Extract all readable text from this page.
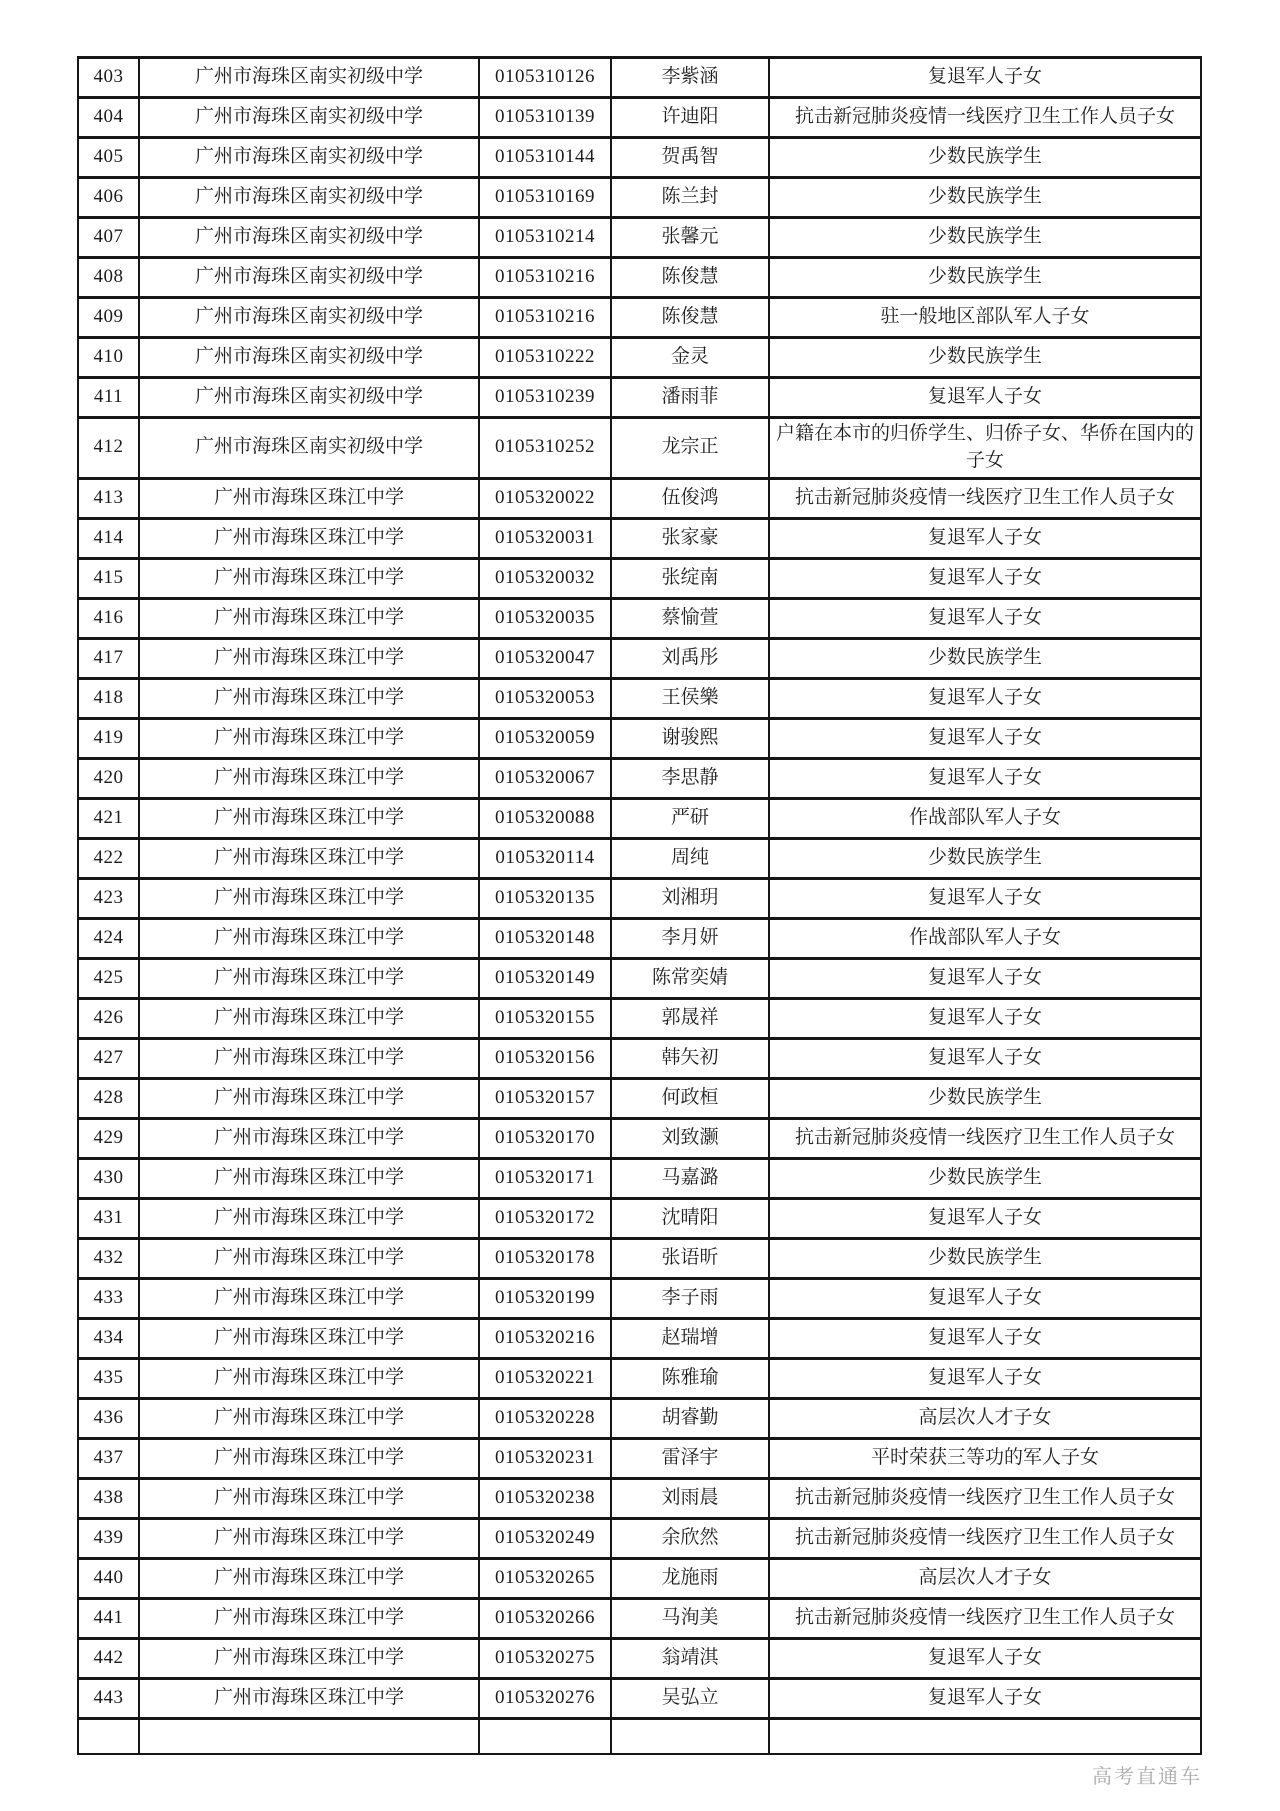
403	广州市海珠区南实初级中学	0105310126	李紫涵	复退军人子女
404	广州市海珠区南实初级中学	0105310139	许迪阳	抗击新冠肺炎疫情一线医疗卫生工作人员子女
405	广州市海珠区南实初级中学	0105310144	贺禹智	少数民族学生
406	广州市海珠区南实初级中学	0105310169	陈兰封	少数民族学生
407	广州市海珠区南实初级中学	0105310214	张馨元	少数民族学生
408	广州市海珠区南实初级中学	0105310216	陈俊慧	少数民族学生
409	广州市海珠区南实初级中学	0105310216	陈俊慧	驻一般地区部队军人子女
410	广州市海珠区南实初级中学	0105310222	金灵	少数民族学生
411	广州市海珠区南实初级中学	0105310239	潘雨菲	复退军人子女
412	广州市海珠区南实初级中学	0105310252	龙宗正	户籍在本市的归侨学生、归侨子女、华侨在国内的子女
413	广州市海珠区珠江中学	0105320022	伍俊鸿	抗击新冠肺炎疫情一线医疗卫生工作人员子女
414	广州市海珠区珠江中学	0105320031	张家豪	复退军人子女
415	广州市海珠区珠江中学	0105320032	张绽南	复退军人子女
416	广州市海珠区珠江中学	0105320035	蔡愉萱	复退军人子女
417	广州市海珠区珠江中学	0105320047	刘禹彤	少数民族学生
418	广州市海珠区珠江中学	0105320053	王侯樂	复退军人子女
419	广州市海珠区珠江中学	0105320059	谢骏熙	复退军人子女
420	广州市海珠区珠江中学	0105320067	李思静	复退军人子女
421	广州市海珠区珠江中学	0105320088	严研	作战部队军人子女
422	广州市海珠区珠江中学	0105320114	周纯	少数民族学生
423	广州市海珠区珠江中学	0105320135	刘湘玥	复退军人子女
424	广州市海珠区珠江中学	0105320148	李月妍	作战部队军人子女
425	广州市海珠区珠江中学	0105320149	陈常奕婧	复退军人子女
426	广州市海珠区珠江中学	0105320155	郭晟祥	复退军人子女
427	广州市海珠区珠江中学	0105320156	韩矢初	复退军人子女
428	广州市海珠区珠江中学	0105320157	何政桓	少数民族学生
429	广州市海珠区珠江中学	0105320170	刘致灏	抗击新冠肺炎疫情一线医疗卫生工作人员子女
430	广州市海珠区珠江中学	0105320171	马嘉潞	少数民族学生
431	广州市海珠区珠江中学	0105320172	沈晴阳	复退军人子女
432	广州市海珠区珠江中学	0105320178	张语昕	少数民族学生
433	广州市海珠区珠江中学	0105320199	李子雨	复退军人子女
434	广州市海珠区珠江中学	0105320216	赵瑞增	复退军人子女
435	广州市海珠区珠江中学	0105320221	陈雅瑜	复退军人子女
436	广州市海珠区珠江中学	0105320228	胡睿勤	高层次人才子女
437	广州市海珠区珠江中学	0105320231	雷泽宇	平时荣获三等功的军人子女
438	广州市海珠区珠江中学	0105320238	刘雨晨	抗击新冠肺炎疫情一线医疗卫生工作人员子女
439	广州市海珠区珠江中学	0105320249	余欣然	抗击新冠肺炎疫情一线医疗卫生工作人员子女
440	广州市海珠区珠江中学	0105320265	龙施雨	高层次人才子女
441	广州市海珠区珠江中学	0105320266	马洵美	抗击新冠肺炎疫情一线医疗卫生工作人员子女
442	广州市海珠区珠江中学	0105320275	翁靖淇	复退军人子女
443	广州市海珠区珠江中学	0105320276	吴弘立	复退军人子女

高考直通车
